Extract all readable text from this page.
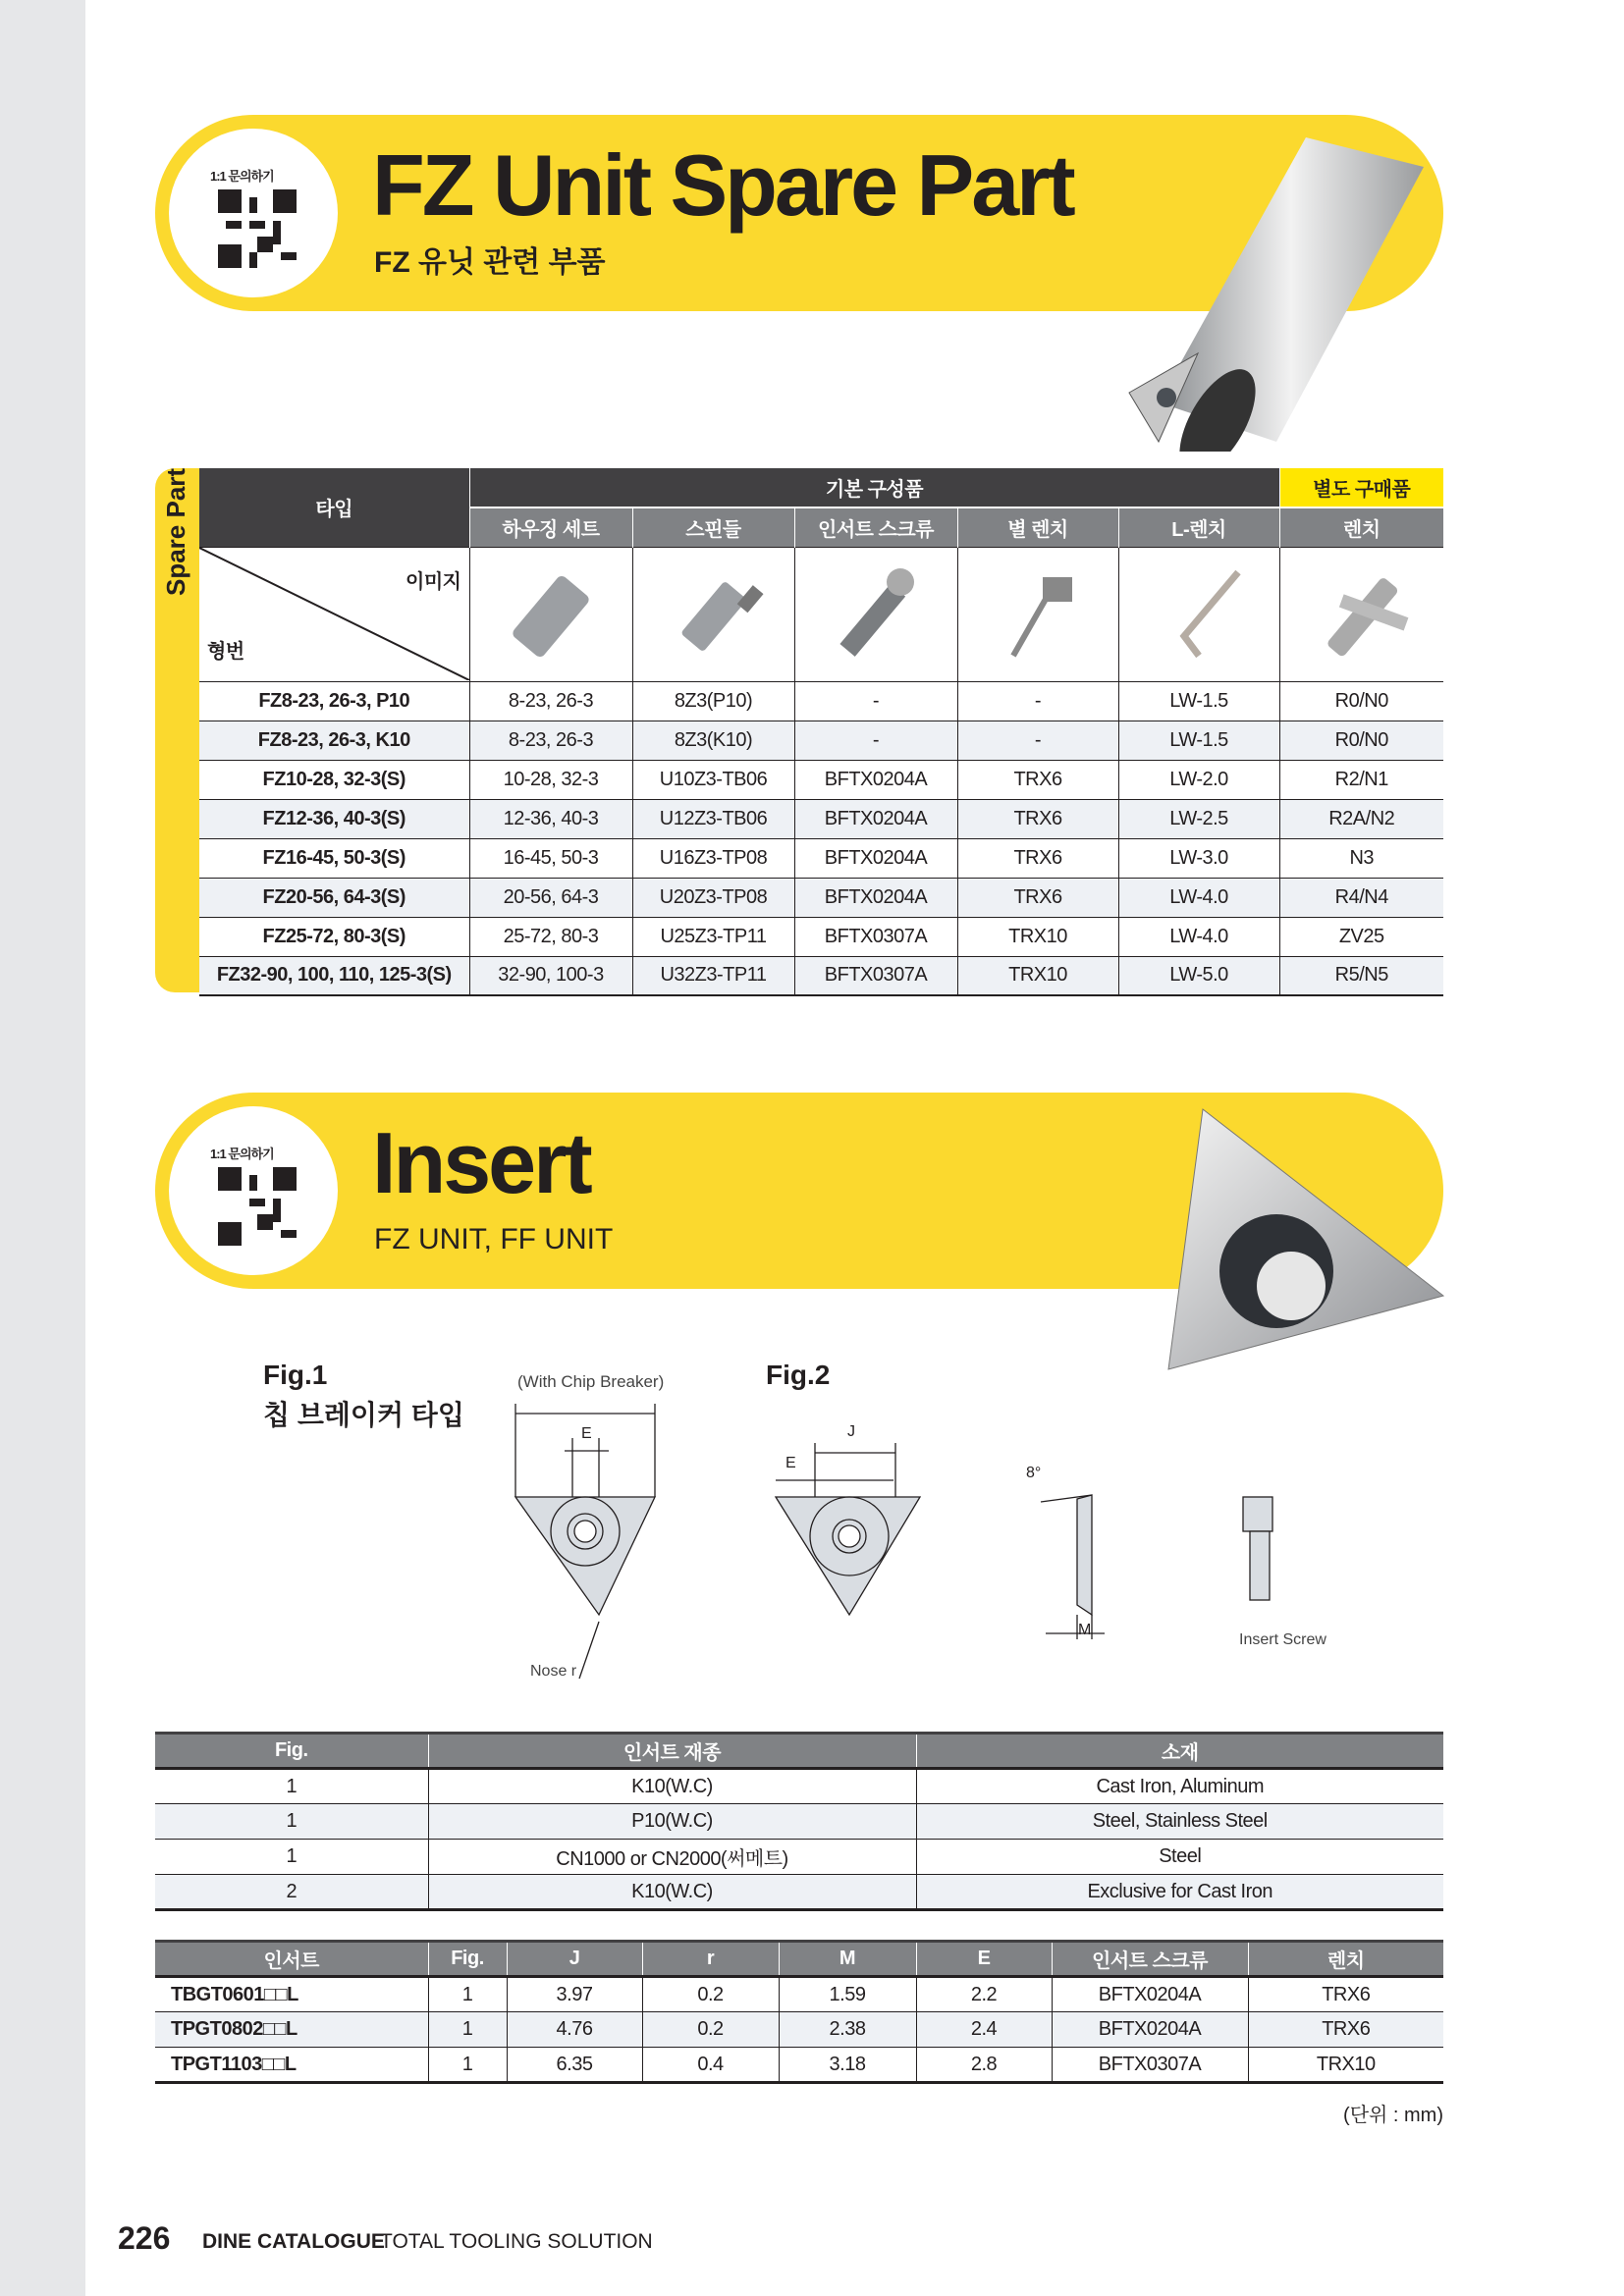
1:1 문의하기 FZ Unit Spare Part
FZ 유닛 관련 부품
Spare Part	타입	기본 구성품					별도 구매품
	하우징 세트	스핀들	인서트 스크류	별 렌치	L-렌치	렌치

이미지
형번

FZ8-23, 26-3, P10	8-23, 26-3	8Z3(P10)	-	-	LW-1.5	R0/N0
FZ8-23, 26-3, K10	8-23, 26-3	8Z3(K10)	-	-	LW-1.5	R0/N0
FZ10-28, 32-3(S)	10-28, 32-3	U10Z3-TB06	BFTX0204A	TRX6	LW-2.0	R2/N1
FZ12-36, 40-3(S)	12-36, 40-3	U12Z3-TB06	BFTX0204A	TRX6	LW-2.5	R2A/N2
FZ16-45, 50-3(S)	16-45, 50-3	U16Z3-TP08	BFTX0204A	TRX6	LW-3.0	N3
FZ20-56, 64-3(S)	20-56, 64-3	U20Z3-TP08	BFTX0204A	TRX6	LW-4.0	R4/N4
FZ25-72, 80-3(S)	25-72, 80-3	U25Z3-TP11	BFTX0307A	TRX10	LW-4.0	ZV25
FZ32-90, 100, 110, 125-3(S)	32-90, 100-3	U32Z3-TP11	BFTX0307A	TRX10	LW-5.0	R5/N5
1:1 문의하기 Insert
FZ UNIT, FF UNIT
Fig.1
칩 브레이커 타입
(With Chip Breaker)	Fig.2
E	J
E
Nose r
8°
M
Insert Screw
Fig.	인서트 재종	소재
1	K10(W.C)	Cast Iron, Aluminum
1	P10(W.C)	Steel, Stainless Steel
1	CN1000 or CN2000(써메트)	Steel
2	K10(W.C)	Exclusive for Cast Iron
인서트	Fig.	J	r	M	E	인서트 스크류	렌치
TBGT0601□□L	1	3.97	0.2	1.59	2.2	BFTX0204A	TRX6
TPGT0802□□L	1	4.76	0.2	2.38	2.4	BFTX0204A	TRX6
TPGT1103□□L	1	6.35	0.4	3.18	2.8	BFTX0307A	TRX10
(단위 : mm)
226 DINE CATALOGUE
TOTAL TOOLING SOLUTION
